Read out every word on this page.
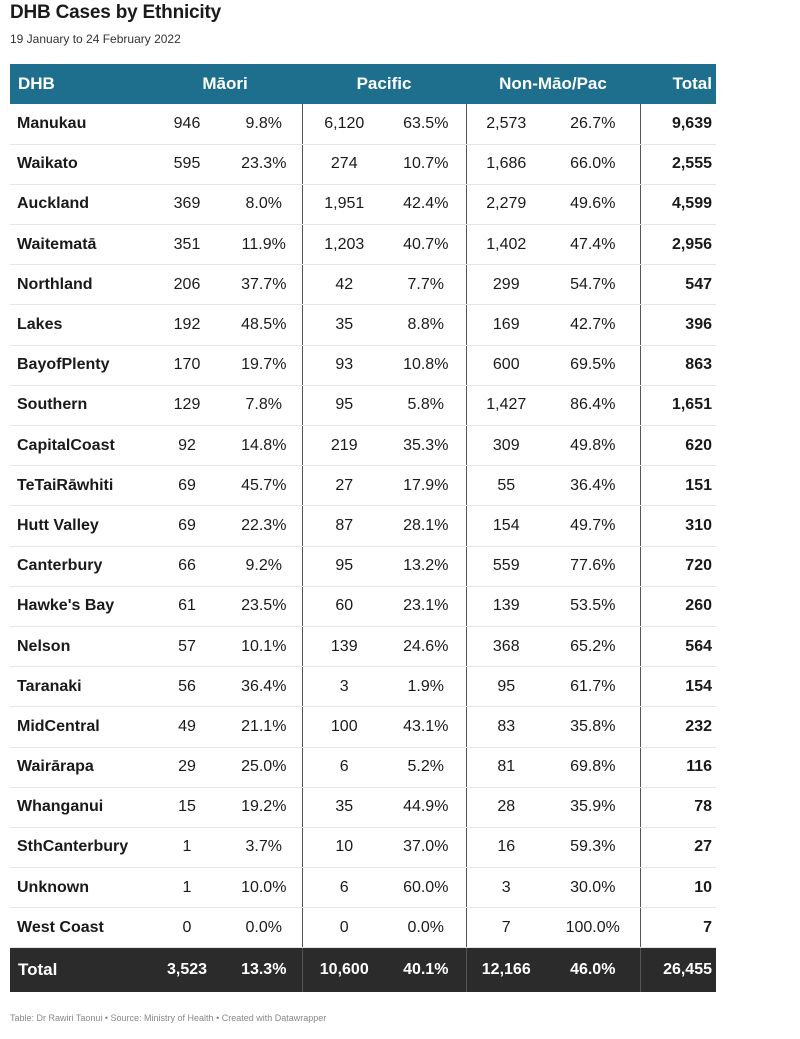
DHB Cases by Ethnicity
19 January to 24 February 2022
DHB	Māori		Pacific		Non-Māo/Pac		Total
Manukau	946	9.8%	6,120	63.5%	2,573	26.7%	9,639
Waikato	595	23.3%	274	10.7%	1,686	66.0%	2,555
Auckland	369	8.0%	1,951	42.4%	2,279	49.6%	4,599
Waitematā	351	11.9%	1,203	40.7%	1,402	47.4%	2,956
Northland	206	37.7%	42	7.7%	299	54.7%	547
Lakes	192	48.5%	35	8.8%	169	42.7%	396
BayofPlenty	170	19.7%	93	10.8%	600	69.5%	863
Southern	129	7.8%	95	5.8%	1,427	86.4%	1,651
CapitalCoast	92	14.8%	219	35.3%	309	49.8%	620
TeTaiRāwhiti	69	45.7%	27	17.9%	55	36.4%	151
Hutt Valley	69	22.3%	87	28.1%	154	49.7%	310
Canterbury	66	9.2%	95	13.2%	559	77.6%	720
Hawke's Bay	61	23.5%	60	23.1%	139	53.5%	260
Nelson	57	10.1%	139	24.6%	368	65.2%	564
Taranaki	56	36.4%	3	1.9%	95	61.7%	154
MidCentral	49	21.1%	100	43.1%	83	35.8%	232
Wairārapa	29	25.0%	6	5.2%	81	69.8%	116
Whanganui	15	19.2%	35	44.9%	28	35.9%	78
SthCanterbury	1	3.7%	10	37.0%	16	59.3%	27
Unknown	1	10.0%	6	60.0%	3	30.0%	10
West Coast	0	0.0%	0	0.0%	7	100.0%	7
Total	3,523	13.3%	10,600	40.1%	12,166	46.0%	26,455
Table: Dr Rawiri Taonui • Source: Ministry of Health • Created with Datawrapper
